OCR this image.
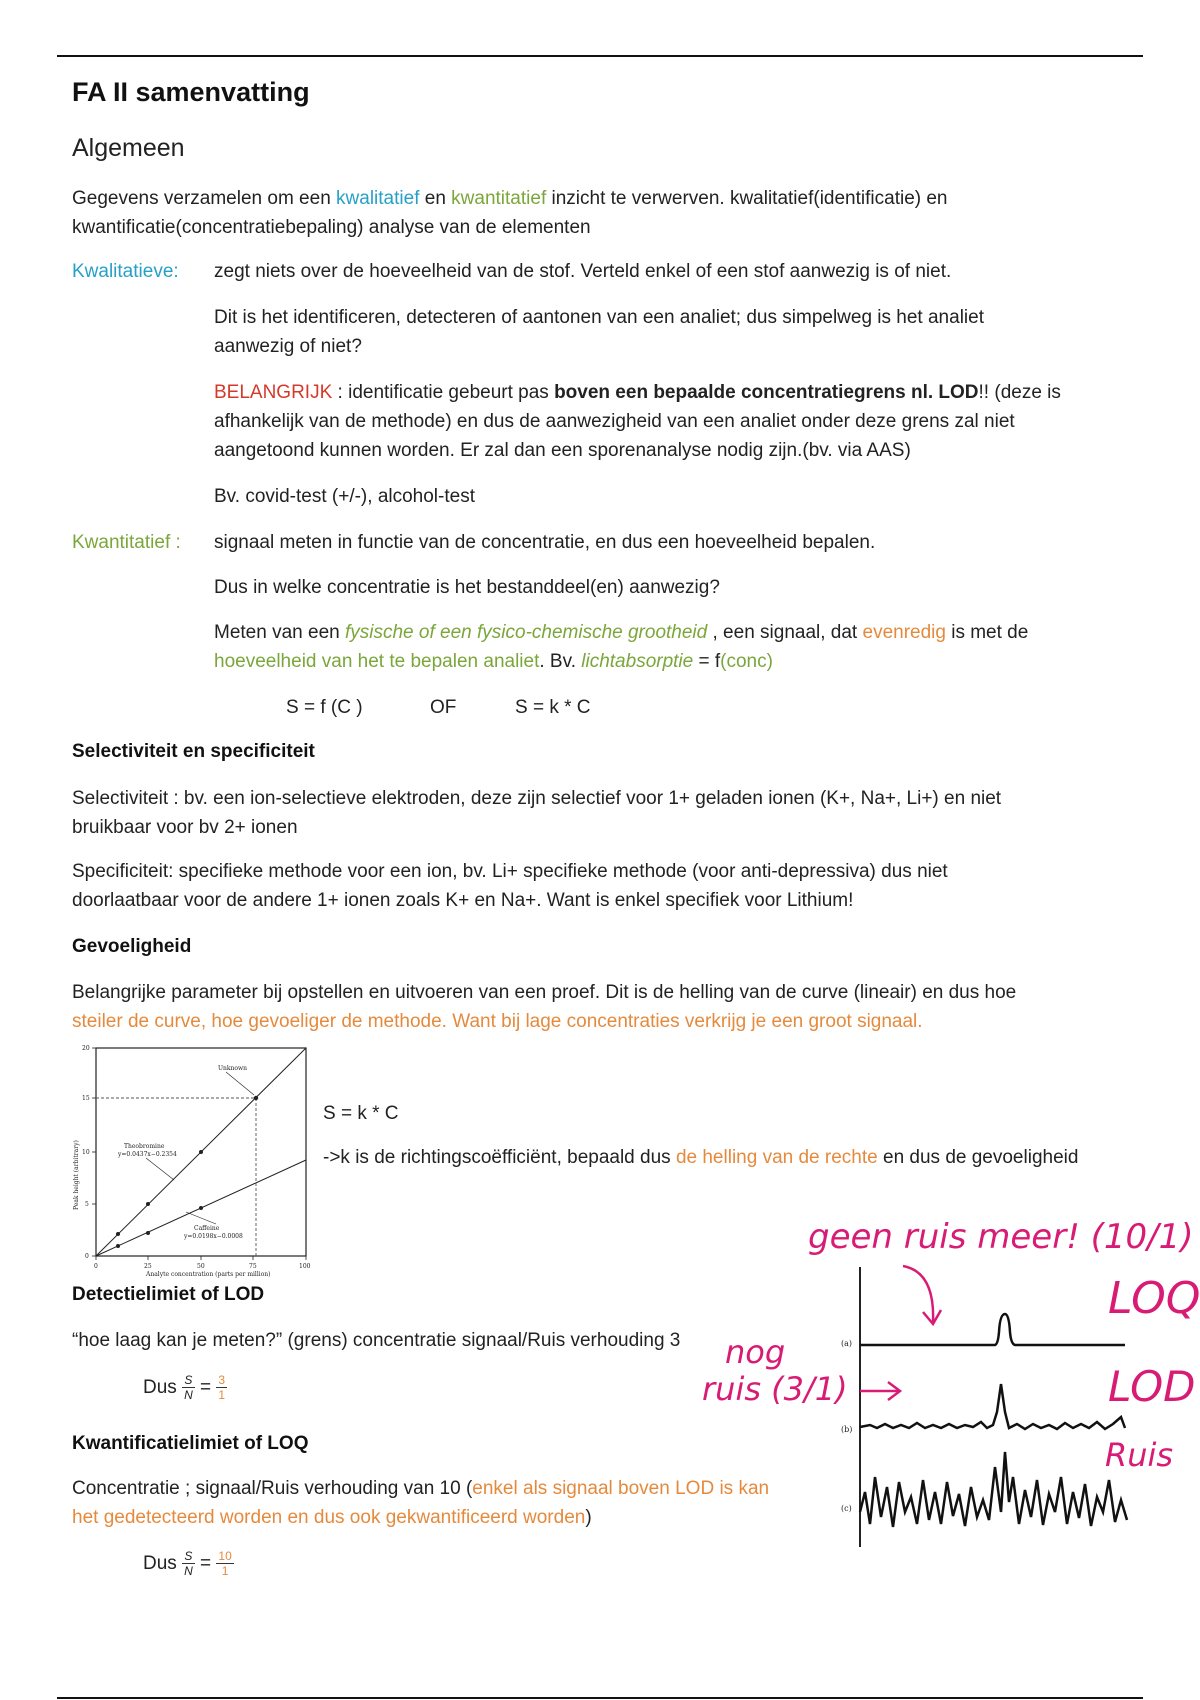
FA II samenvatting
Algemeen
Gegevens verzamelen om een kwalitatief en kwantitatief inzicht te verwerven. kwalitatief(identificatie) en
kwantificatie(concentratiebepaling) analyse van de elementen
Kwalitatieve: zegt niets over de hoeveelheid van de stof. Verteld enkel of een stof aanwezig is of niet.
Dit is het identificeren, detecteren of aantonen van een analiet; dus simpelweg is het analiet
aanwezig of niet?
BELANGRIJK : identificatie gebeurt pas boven een bepaalde concentratiegrens nl. LOD!! (deze is
afhankelijk van de methode) en dus de aanwezigheid van een analiet onder deze grens zal niet
aangetoond kunnen worden. Er zal dan een sporenanalyse nodig zijn.(bv. via AAS)
Bv. covid-test (+/-), alcohol-test
Kwantitatief : signaal meten in functie van de concentratie, en dus een hoeveelheid bepalen.
Dus in welke concentratie is het bestanddeel(en) aanwezig?
Meten van een fysische of een fysico-chemische grootheid , een signaal, dat evenredig is met de
hoeveelheid van het te bepalen analiet. Bv. lichtabsorptie = f(conc)
S = f (C )	OF	S = k * C
Selectiviteit en specificiteit
Selectiviteit : bv. een ion-selectieve elektroden, deze zijn selectief voor 1+ geladen ionen (K+, Na+, Li+) en niet
bruikbaar voor bv 2+ ionen
Specificiteit: specifieke methode voor een ion, bv. Li+ specifieke methode (voor anti-depressiva) dus niet
doorlaatbaar voor de andere 1+ ionen zoals K+ en Na+. Want is enkel specifiek voor Lithium!
Gevoeligheid
Belangrijke parameter bij opstellen en uitvoeren van een proef. Dit is de helling van de curve (lineair) en dus hoe
steiler de curve, hoe gevoeliger de methode. Want bij lage concentraties verkrijg je een groot signaal.
Unknown
Theobromine
y=0.0437x−0.2354
Caffeine
y=0.0198x−0.0008
Analyte concentration (parts per million)
Peak height (arbitrary)
0	25	50	75	100
0
5
10
15
20
S = k * C
->k is de richtingscoëfficiënt, bepaald dus de helling van de rechte en dus de gevoeligheid
Detectielimiet of LOD
“hoe laag kan je meten?” (grens) concentratie signaal/Ruis verhouding 3
Dus $\frac{S}{N} = \frac{3}{1}$
Kwantificatielimiet of LOQ
Concentratie ; signaal/Ruis verhouding van 10 (enkel als signaal boven LOD is kan
het gedetecteerd worden en dus ook gekwantificeerd worden)
Dus $\frac{S}{N} = \frac{10}{1}$
(a)
(b)
(c)
geen ruis meer! (10/1)
LOQ
nog
ruis (3/1)	LOD
Ruis
